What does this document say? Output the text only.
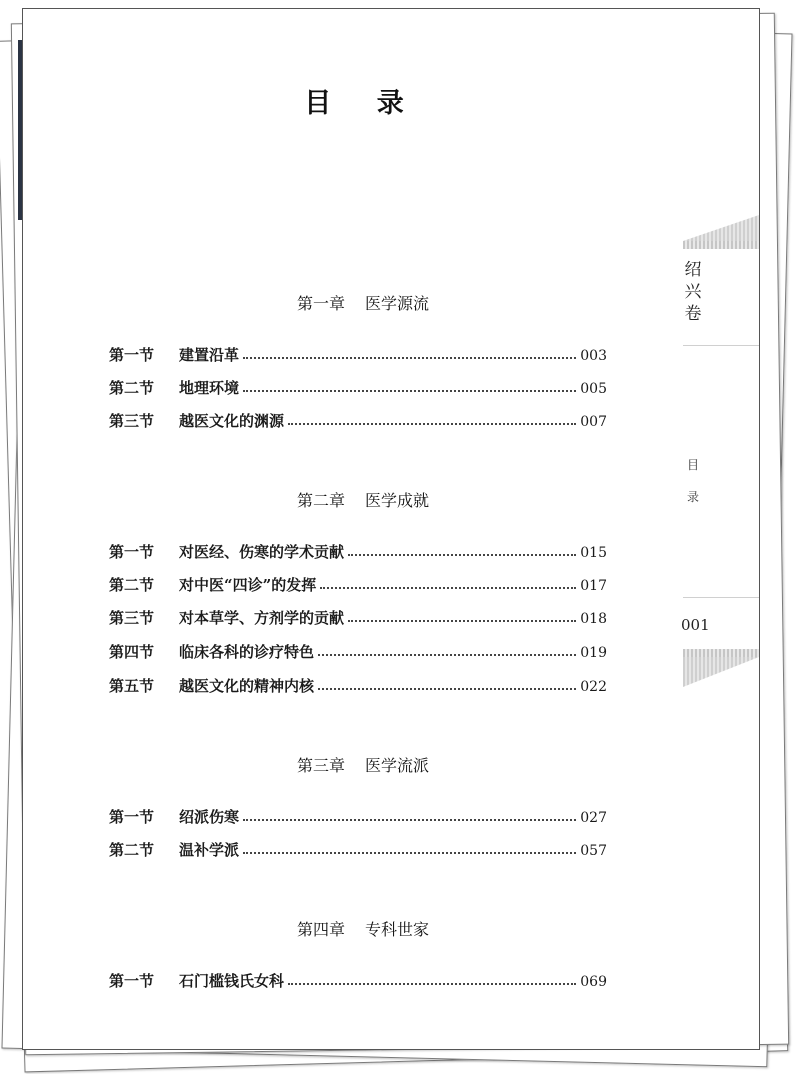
目 录
第一章 医学源流
第一节	建置沿革	003
第二节	地理环境	005
第三节	越医文化的渊源	007
第二章 医学成就
第一节	对医经、伤寒的学术贡献	015
第二节	对中医“四诊”的发挥	017
第三节	对本草学、方剂学的贡献	018
第四节	临床各科的诊疗特色	019
第五节	越医文化的精神内核	022
第三章 医学流派
第一节	绍派伤寒	027
第二节	温补学派	057
第四章 专科世家
第一节	石门槛钱氏女科	069
绍
兴
卷
目
录
001
